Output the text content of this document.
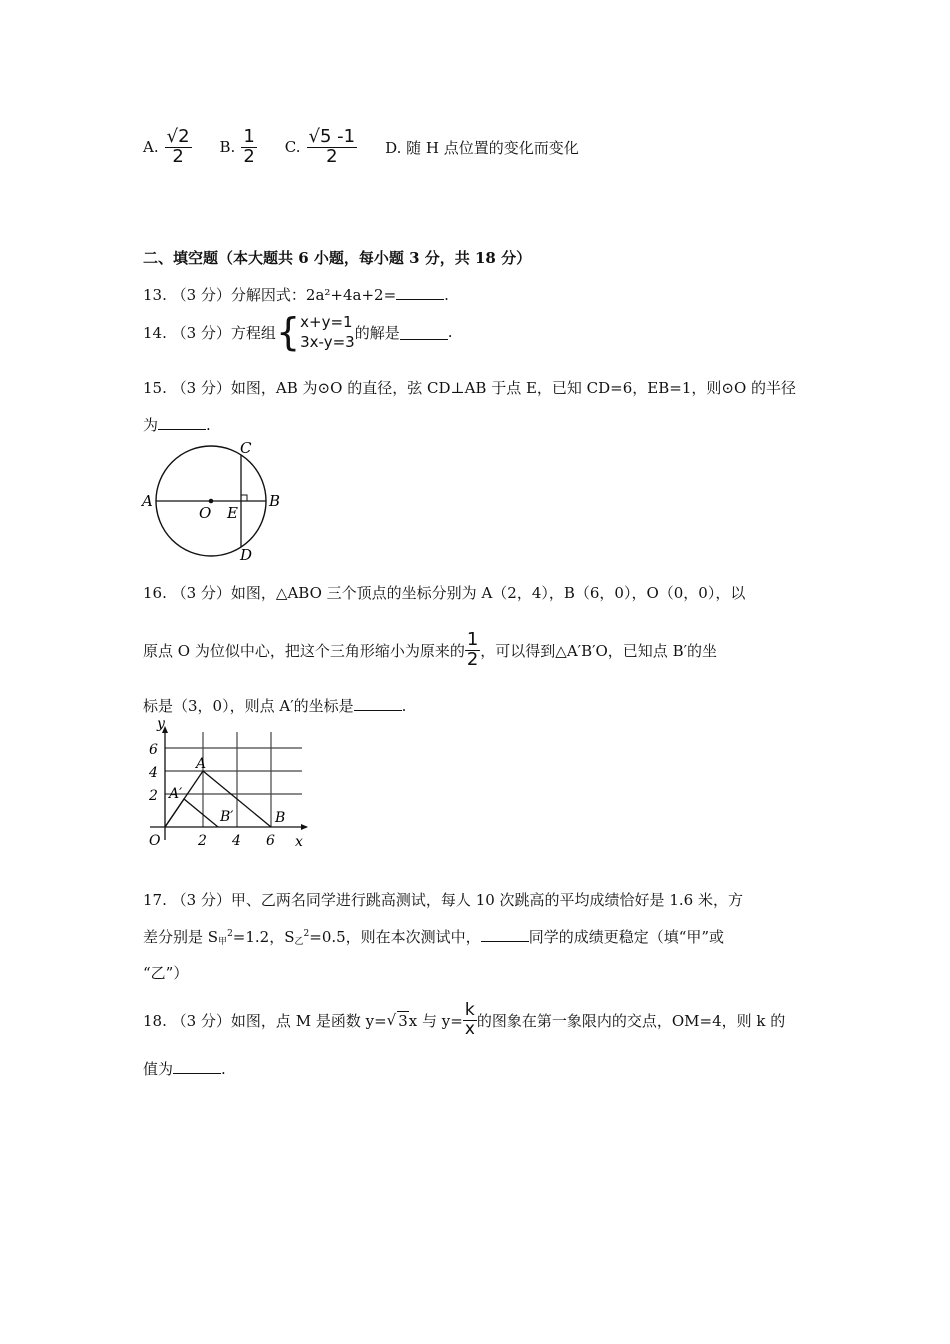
A. $\frac{√2}{2} B$. $\frac{1}{2} C$. $\frac{√5 -1}{2} D$. 随 H 点位置的变化而变化
二、填空题（本大题共 6 小题，每小题 3 分，共 18 分）
13. （3 分）分解因式：2a²+4a+2=	.
14. （3 分）方程组 { x+y=1
3x-y=3
的解是	.
15. （3 分）如图，AB 为⊙O 的直径，弦 CD⊥AB 于点 E，已知 CD=6，EB=1，则⊙O 的半径
为	.
A	B
C
D
O E
16. （3 分）如图，△ABO 三个顶点的坐标分别为 A（2，4），B（6，0），O（0，0），以
原点 O 为位似中心，把这个三角形缩小为原来的 $\frac{1}{2}$ ，可以得到△A′B′O，已知点 B′的坐
标是（3，0），则点 A′的坐标是	.
y
x
O
2
4
6
2 4 6
A
A′
B
B′
17. （3 分）甲、乙两名同学进行跳高测试，每人 10 次跳高的平均成绩恰好是 1.6 米，方
差分别是 $S_甲^2=1.2$，$S_乙^2=0.5$，则在本次测试中，	同学的成绩更稳定（填“甲”或
“乙”）
18. （3 分）如图，点 M 是函数 y= √ 3 x 与 $y= \frac{k}{x}$ 的图象在第一象限内的交点，OM=4，则 k 的
值为	.
